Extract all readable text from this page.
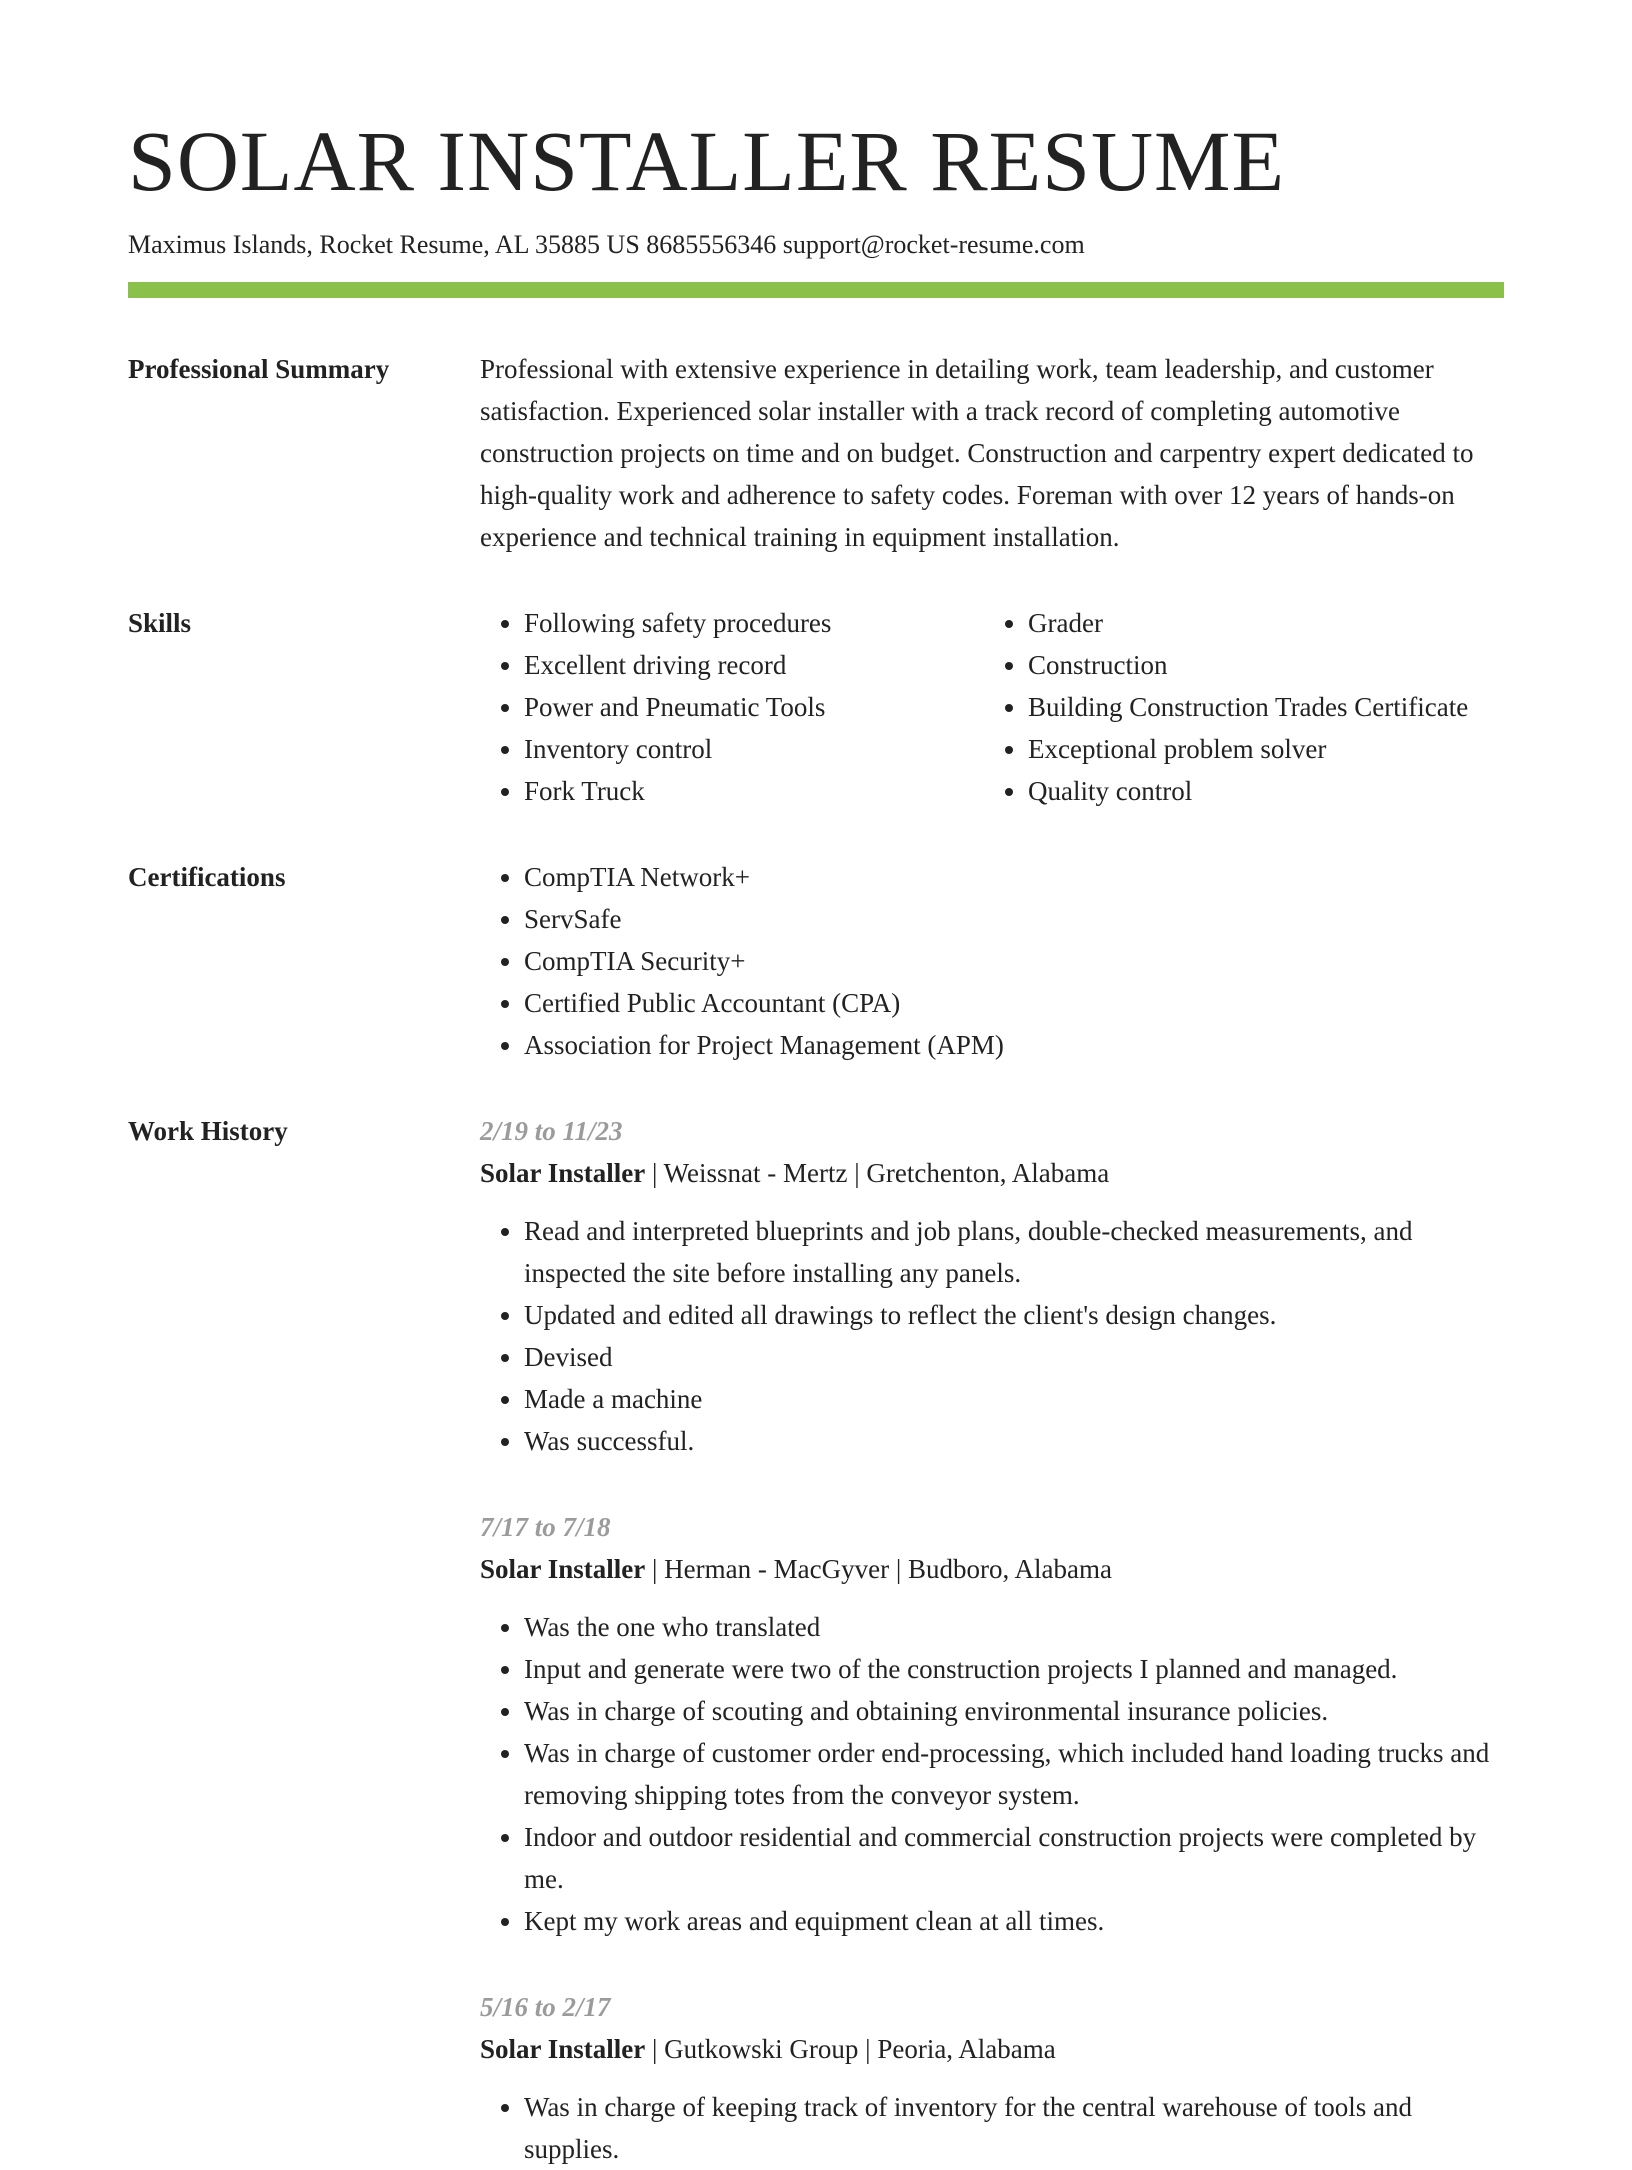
SOLAR INSTALLER RESUME
Maximus Islands, Rocket Resume, AL 35885 US 8685556346 support@rocket-resume.com
Professional Summary	Professional with extensive experience in detailing work, team leadership, and customer satisfaction. Experienced solar installer with a track record of completing automotive construction projects on time and on budget. Construction and carpentry expert dedicated to high-quality work and adherence to safety codes. Foreman with over 12 years of hands-on experience and technical training in equipment installation.

Skills	• Following safety procedures
• Excellent driving record
• Power and Pneumatic Tools
• Inventory control
• Fork Truck
• Grader
• Construction
• Building Construction Trades Certificate
• Exceptional problem solver
• Quality control
Certifications	• CompTIA Network+
• ServSafe
• CompTIA Security+
• Certified Public Accountant (CPA)
• Association for Project Management (APM)
Work History	2/19 to 11/23
Solar Installer | Weissnat - Mertz | Gretchenton, Alabama
• Read and interpreted blueprints and job plans, double-checked measurements, and inspected the site before installing any panels.
• Updated and edited all drawings to reflect the client's design changes.
• Devised
• Made a machine
• Was successful.
7/17 to 7/18
Solar Installer | Herman - MacGyver | Budboro, Alabama
• Was the one who translated
• Input and generate were two of the construction projects I planned and managed.
• Was in charge of scouting and obtaining environmental insurance policies.
• Was in charge of customer order end-processing, which included hand loading trucks and removing shipping totes from the conveyor system.
• Indoor and outdoor residential and commercial construction projects were completed by me.
• Kept my work areas and equipment clean at all times.
5/16 to 2/17
Solar Installer | Gutkowski Group | Peoria, Alabama
• Was in charge of keeping track of inventory for the central warehouse of tools and supplies.
